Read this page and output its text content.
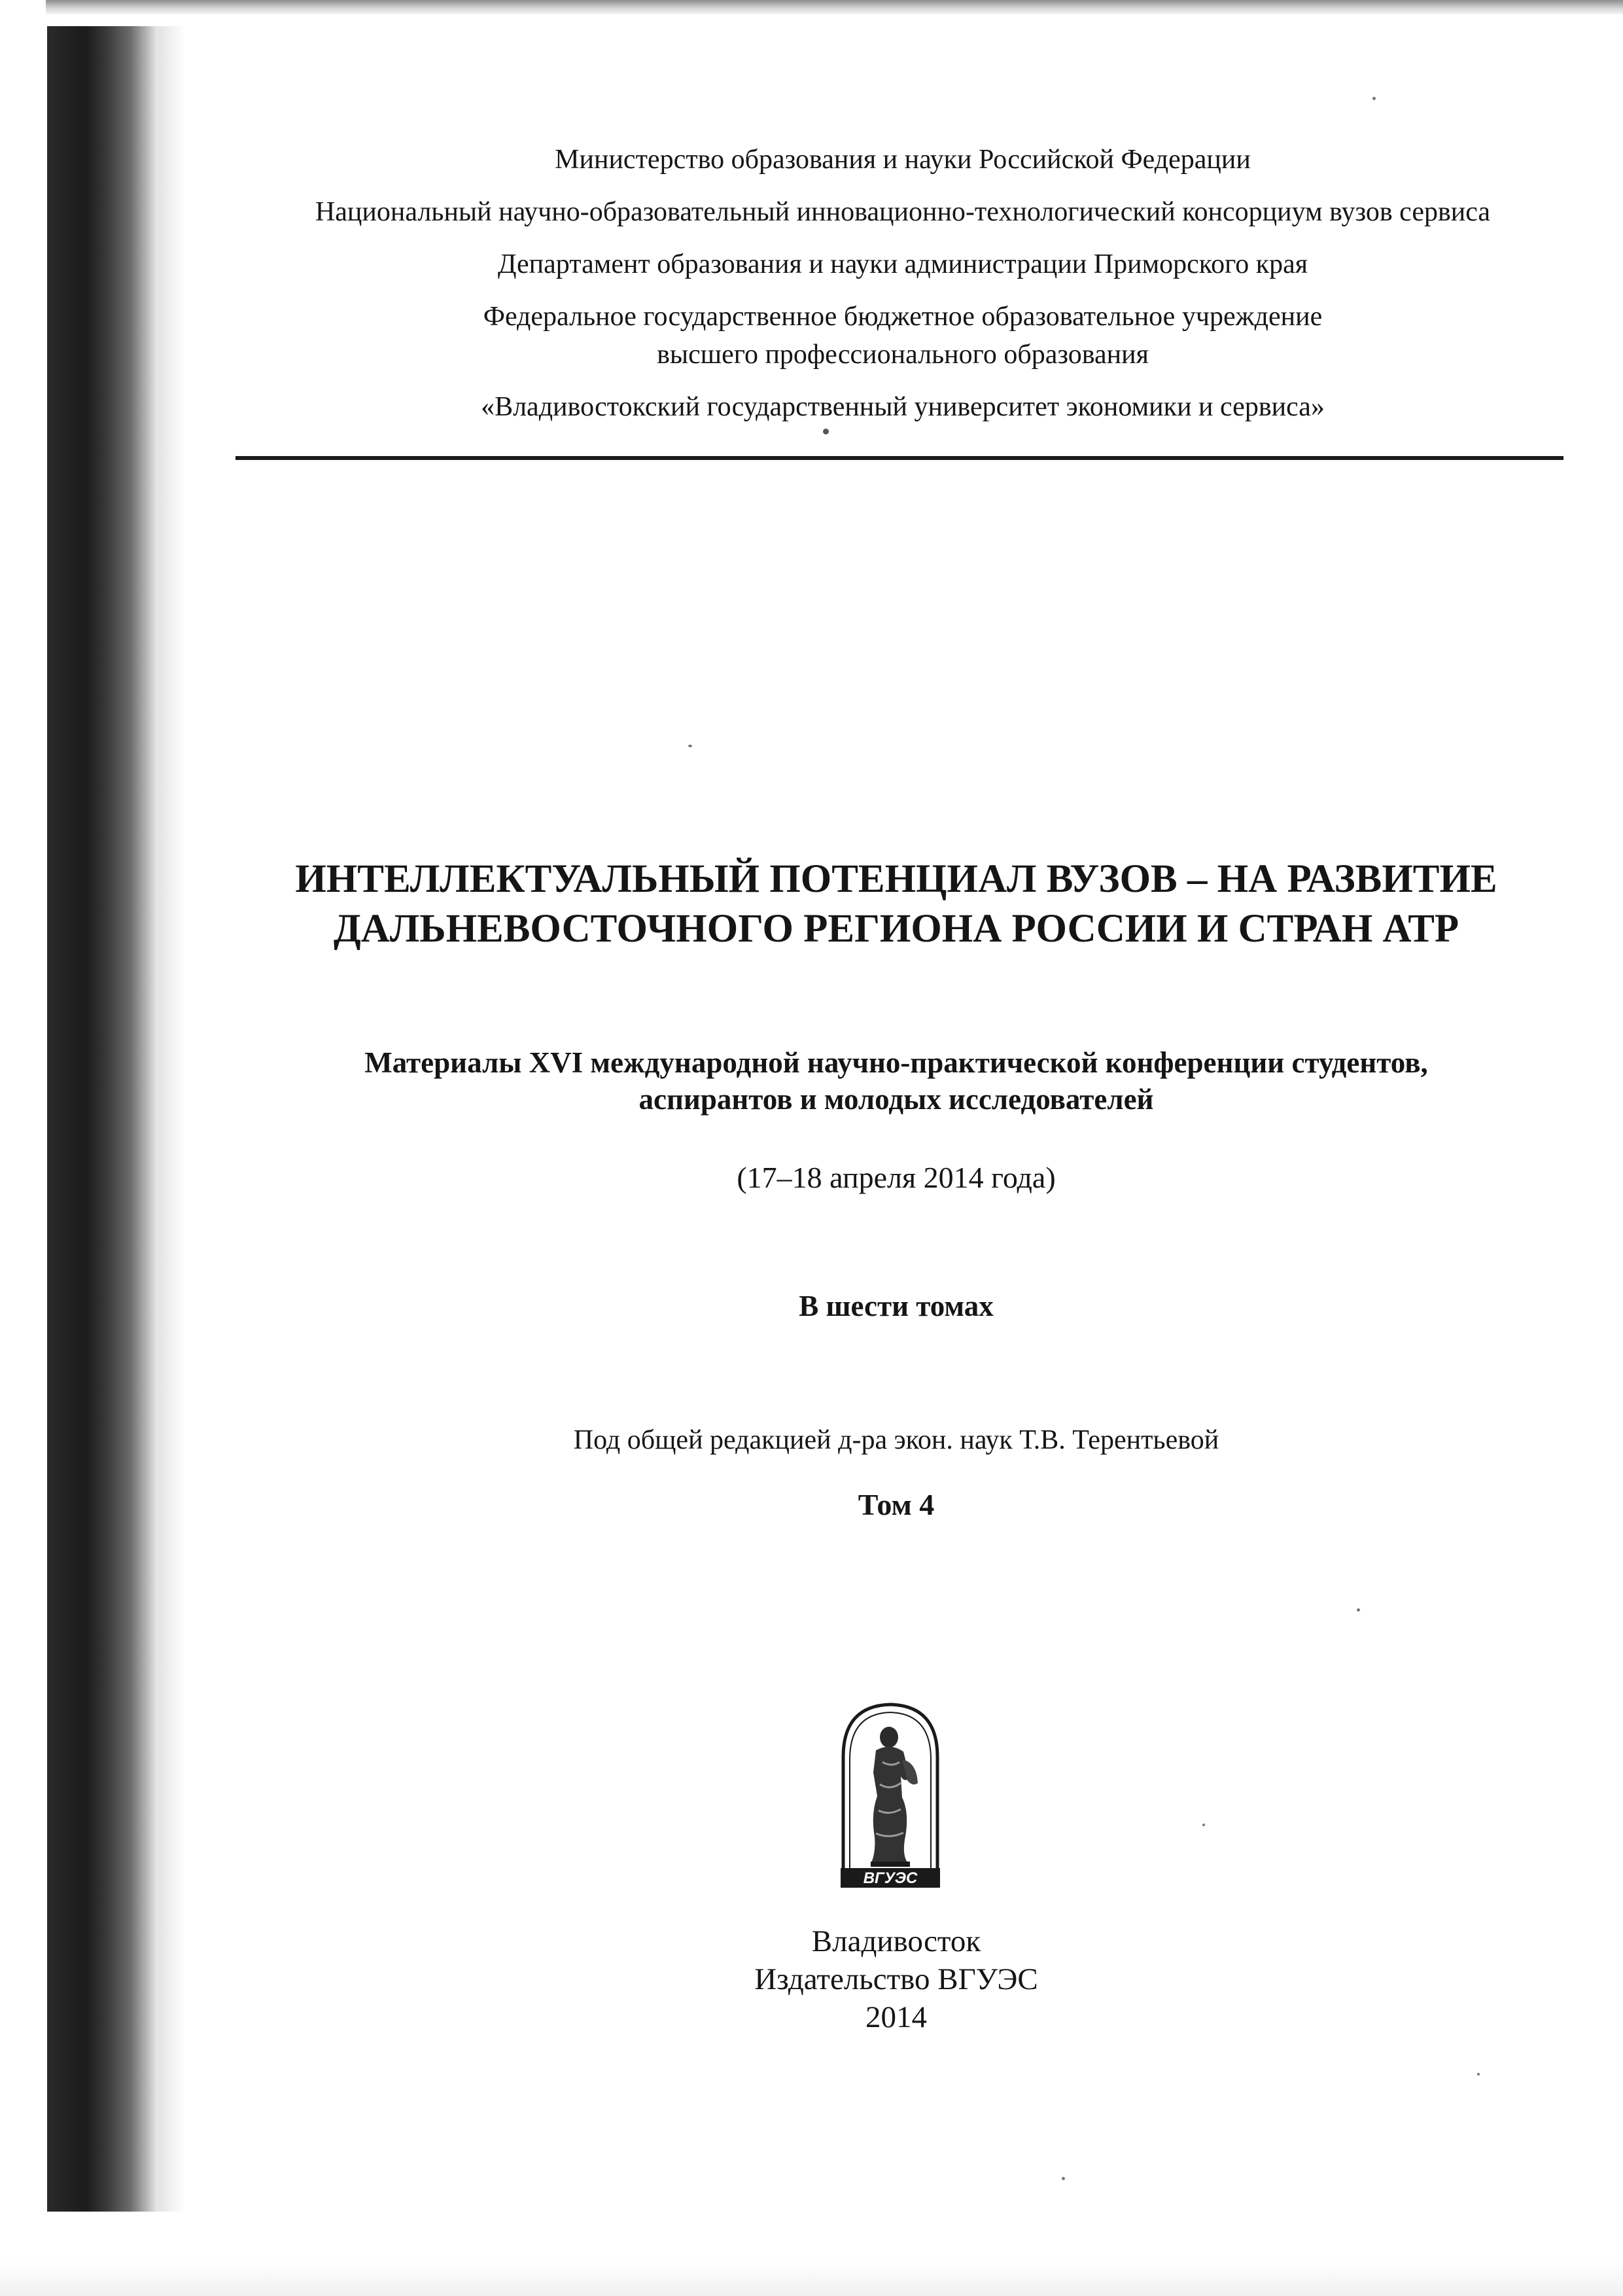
Министерство образования и науки Российской Федерации

Национальный научно-образовательный инновационно-технологический консорциум вузов сервиса

Департамент образования и науки администрации Приморского края

Федеральное государственное бюджетное образовательное учреждение

высшего профессионального образования

«Владивостокский государственный университет экономики и сервиса»

ИНТЕЛЛЕКТУАЛЬНЫЙ ПОТЕНЦИАЛ ВУЗОВ – НА РАЗВИТИЕ
ДАЛЬНЕВОСТОЧНОГО РЕГИОНА РОССИИ И СТРАН АТР
Материалы XVI международной научно-практической конференции студентов,
аспирантов и молодых исследователей
(17–18 апреля 2014 года)
В шести томах
Под общей редакцией д-ра экон. наук Т.В. Терентьевой
Том 4
ВГУЭС
Владивосток
Издательство ВГУЭС
2014
